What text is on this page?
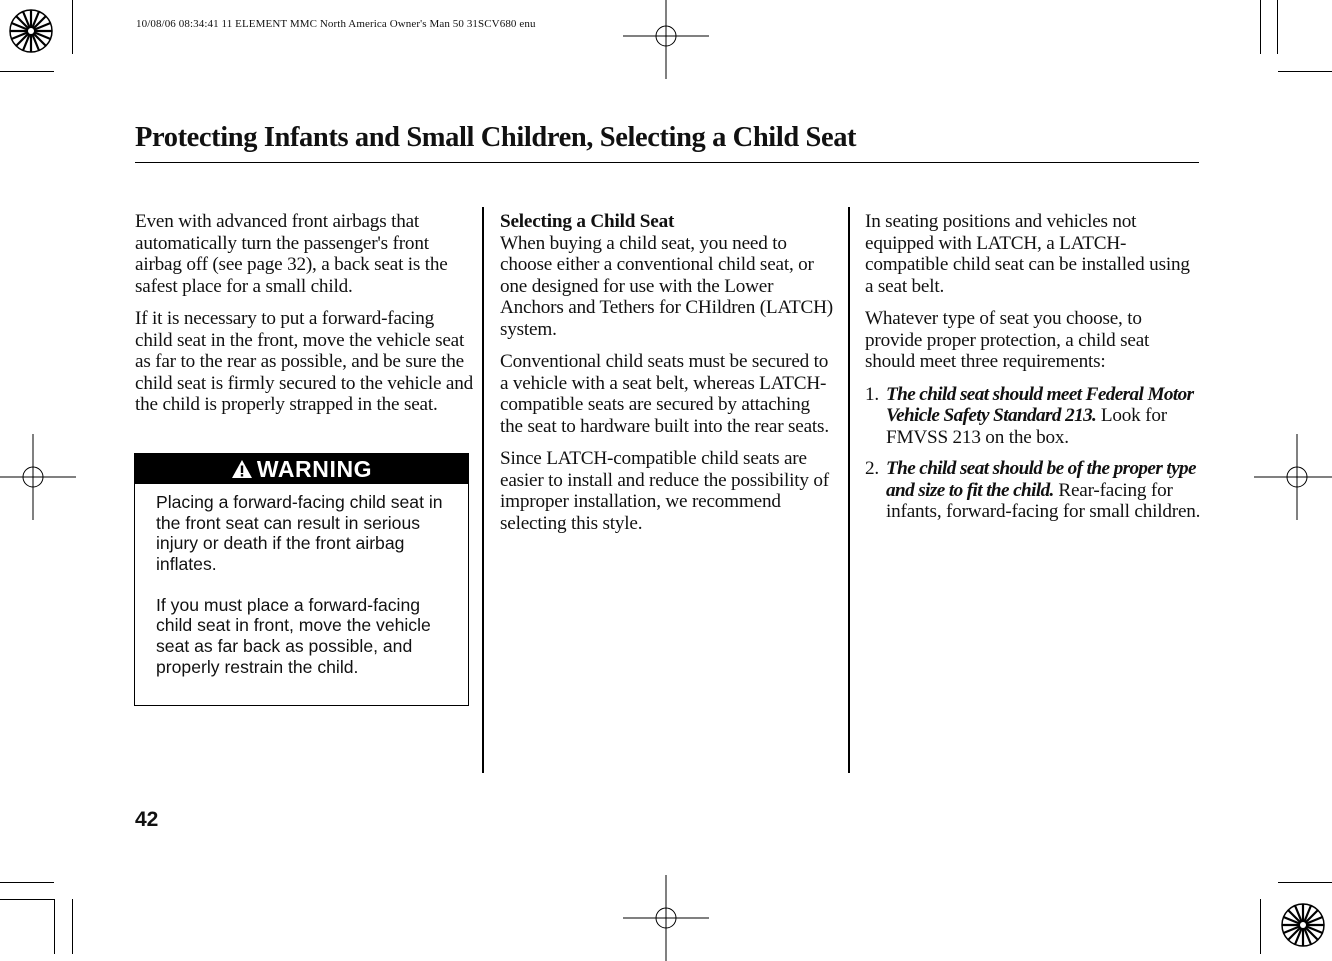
10/08/06 08:34:41 11 ELEMENT MMC North America Owner's Man 50 31SCV680 enu
Protecting Infants and Small Children, Selecting a Child Seat

Even with advanced front airbags that automatically turn the passenger's front airbag off (see page 32), a back seat is the safest place for a small child.

If it is necessary to put a forward-facing child seat in the front, move the vehicle seat as far to the rear as possible, and be sure the child seat is firmly secured to the vehicle and the child is properly strapped in the seat.

WARNING

Placing a forward-facing child seat in the front seat can result in serious injury or death if the front airbag inflates.

If you must place a forward-facing child seat in front, move the vehicle seat as far back as possible, and properly restrain the child.

Selecting a Child Seat
When buying a child seat, you need to choose either a conventional child seat, or one designed for use with the Lower Anchors and Tethers for CHildren (LATCH) system.

Conventional child seats must be secured to a vehicle with a seat belt, whereas LATCH-compatible seats are secured by attaching the seat to hardware built into the rear seats.

Since LATCH-compatible child seats are easier to install and reduce the possibility of improper installation, we recommend selecting this style.

In seating positions and vehicles not equipped with LATCH, a LATCH-compatible child seat can be installed using a seat belt.

Whatever type of seat you choose, to provide proper protection, a child seat should meet three requirements:

1. The child seat should meet Federal Motor Vehicle Safety Standard 213. Look for FMVSS 213 on the box.
2. The child seat should be of the proper type and size to fit the child. Rear-facing for infants, forward-facing for small children.
42
